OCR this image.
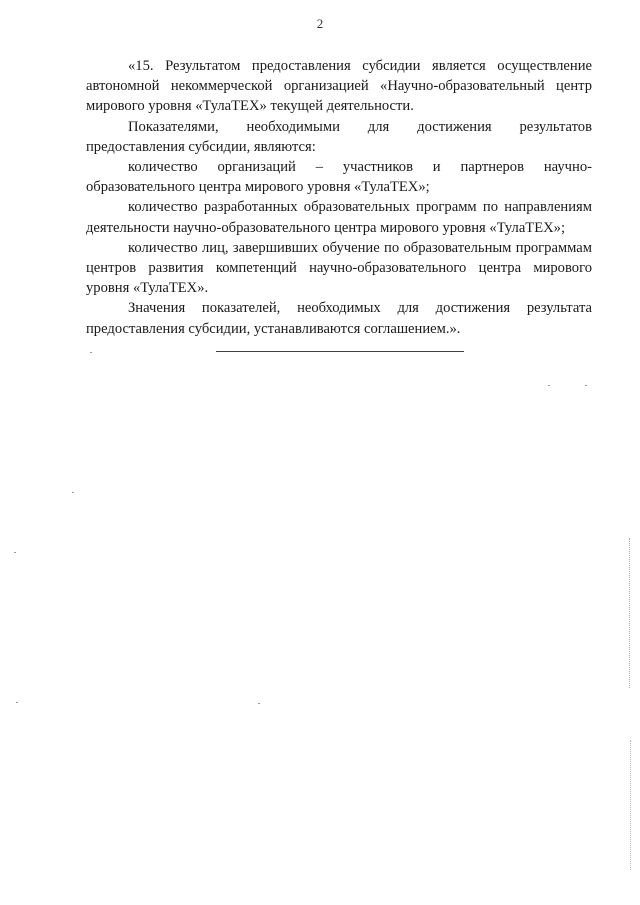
2

«15. Результатом предоставления субсидии является осуществление автономной некоммерческой организацией «Научно-образовательный центр мирового уровня «ТулаТЕХ» текущей деятельности.

Показателями, необходимыми для достижения результатов предоставления субсидии, являются:

количество организаций – участников и партнеров научно-образовательного центра мирового уровня «ТулаТЕХ»;

количество разработанных образовательных программ по направлениям деятельности научно-образовательного центра мирового уровня «ТулаТЕХ»;

количество лиц, завершивших обучение по образовательным программам центров развития компетенций научно-образовательного центра мирового уровня «ТулаТЕХ».

Значения показателей, необходимых для достижения результата предоставления субсидии, устанавливаются соглашением.».
